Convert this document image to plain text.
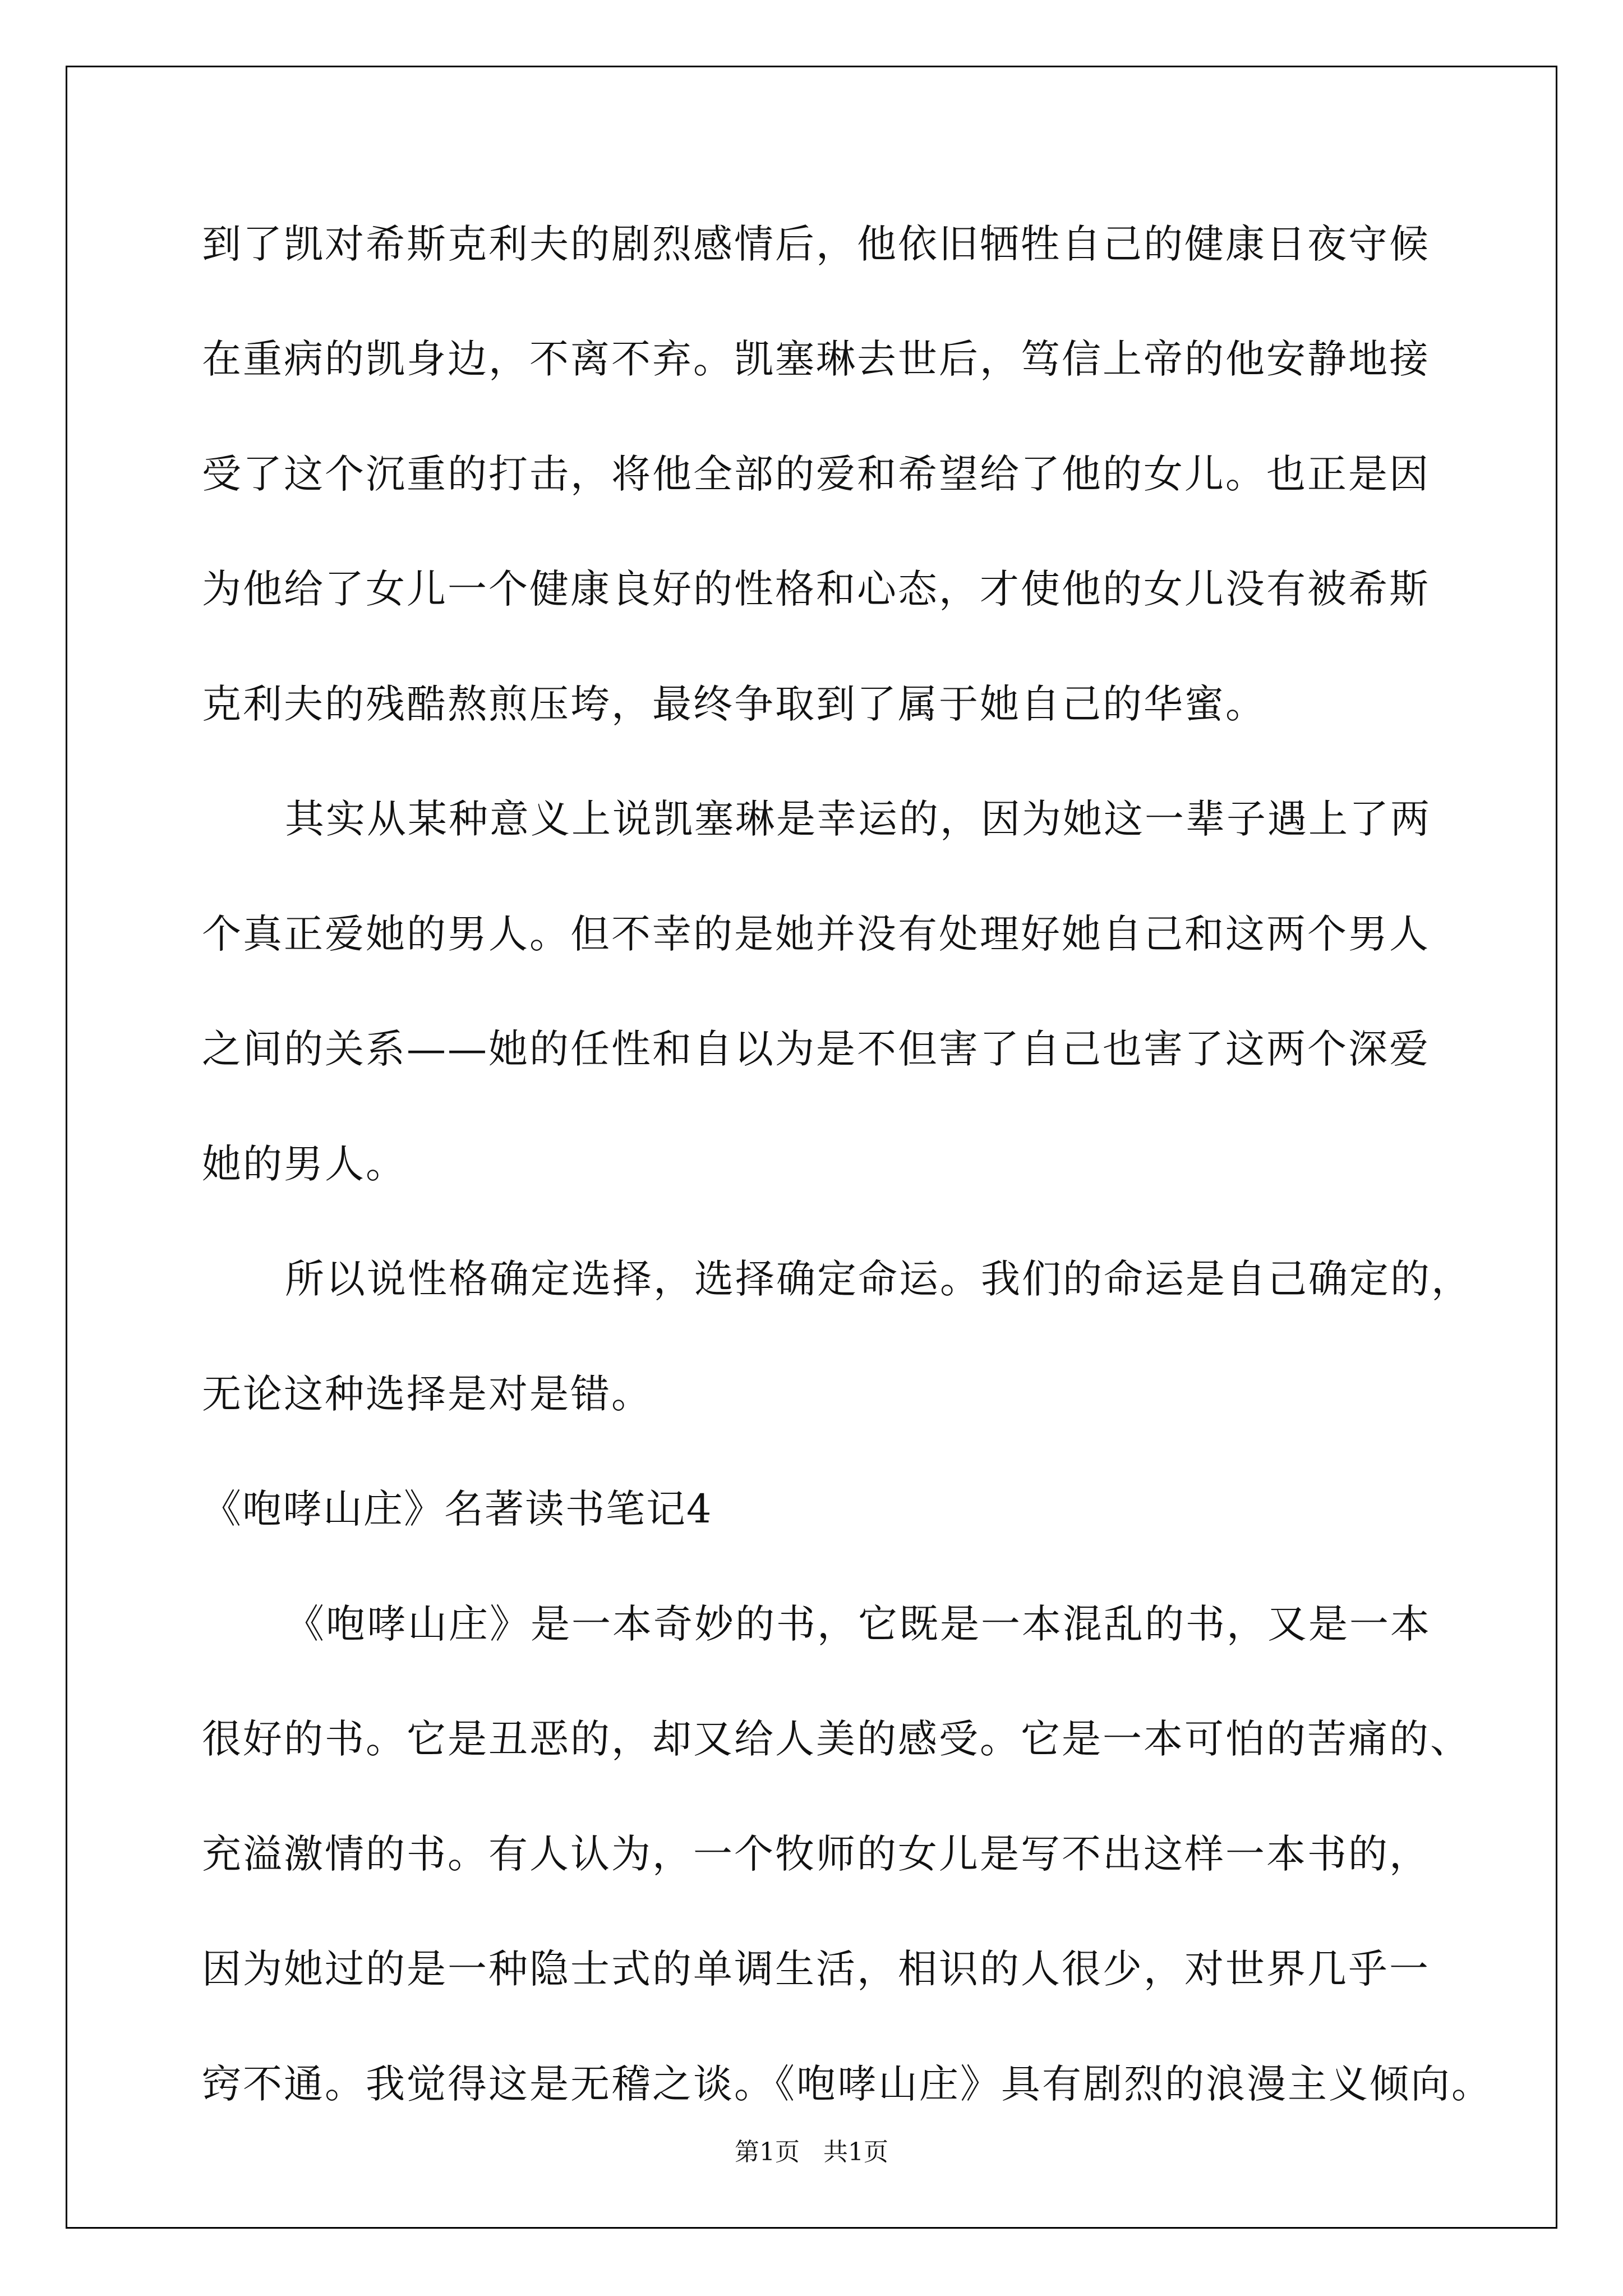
到了凯对希斯克利夫的剧烈感情后，他依旧牺牲自己的健康日夜守候
在重病的凯身边，不离不弃。凯塞琳去世后，笃信上帝的他安静地接
受了这个沉重的打击，将他全部的爱和希望给了他的女儿。也正是因
为他给了女儿一个健康良好的性格和心态，才使他的女儿没有被希斯
克利夫的残酷熬煎压垮，最终争取到了属于她自己的华蜜。
其实从某种意义上说凯塞琳是幸运的，因为她这一辈子遇上了两
个真正爱她的男人。但不幸的是她并没有处理好她自己和这两个男人
之间的关系——她的任性和自以为是不但害了自己也害了这两个深爱
她的男人。
所以说性格确定选择，选择确定命运。我们的命运是自己确定的，
无论这种选择是对是错。
《咆哮山庄》名著读书笔记4
《咆哮山庄》是一本奇妙的书，它既是一本混乱的书，又是一本
很好的书。它是丑恶的，却又给人美的感受。它是一本可怕的苦痛的、
充溢激情的书。有人认为，一个牧师的女儿是写不出这样一本书的，
因为她过的是一种隐士式的单调生活，相识的人很少，对世界几乎一
窍不通。我觉得这是无稽之谈。《咆哮山庄》具有剧烈的浪漫主义倾向。
第1页   共1页
